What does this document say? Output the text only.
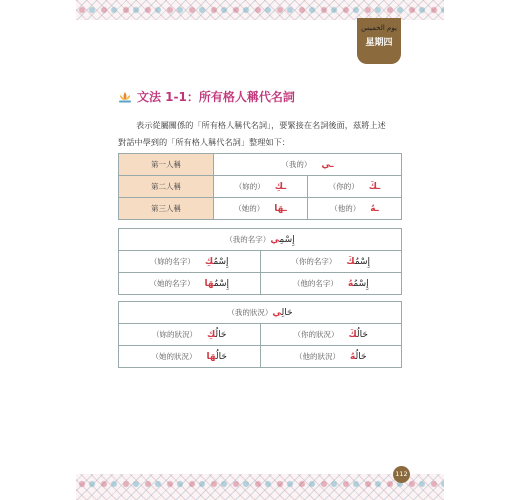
يوم الخميس
星期四
文法 1-1：所有格人稱代名詞
表示從屬關係的「所有格人稱代名詞」，要緊接在名詞後面，茲將上述
對話中學到的「所有格人稱代名詞」整理如下：
第一人稱	（我的） ـي	
第二人稱	（妳的） ـكِ	（你的） ـكَ
第三人稱	（她的） ـهَا	（他的） ـهُ
（我的名字） إِسْمِي	
（妳的名字） إِسْمُكِ	（你的名字） إِسْمُكَ
（她的名字） إِسْمُهَا	（他的名字） إِسْمُهُ
（我的狀況） حَالِي	
（妳的狀況） حَالُكِ	（你的狀況） حَالُكَ
（她的狀況） حَالُهَا	（他的狀況） حَالُهُ
112
